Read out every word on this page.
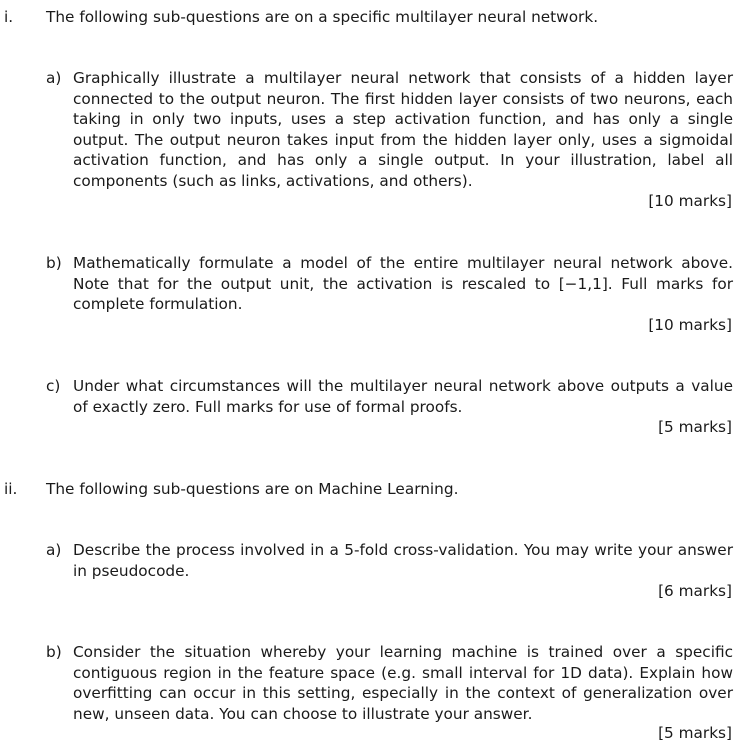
i. The following sub-questions are on a specific multilayer neural network.
a) Graphically illustrate a multilayer neural network that consists of a hidden layer connected to the output neuron. The first hidden layer consists of two neurons, each taking in only two inputs, uses a step activation function, and has only a single output. The output neuron takes input from the hidden layer only, uses a sigmoidal activation function, and has only a single output. In your illustration, label all components (such as links, activations, and others).
[10 marks]
b) Mathematically formulate a model of the entire multilayer neural network above. Note that for the output unit, the activation is rescaled to [−1,1]. Full marks for complete formulation.
[10 marks]
c) Under what circumstances will the multilayer neural network above outputs a value of exactly zero. Full marks for use of formal proofs.
[5 marks]
ii. The following sub-questions are on Machine Learning.
a) Describe the process involved in a 5-fold cross-validation. You may write your answer in pseudocode.
[6 marks]
b) Consider the situation whereby your learning machine is trained over a specific contiguous region in the feature space (e.g. small interval for 1D data). Explain how overfitting can occur in this setting, especially in the context of generalization over new, unseen data. You can choose to illustrate your answer.
[5 marks]
